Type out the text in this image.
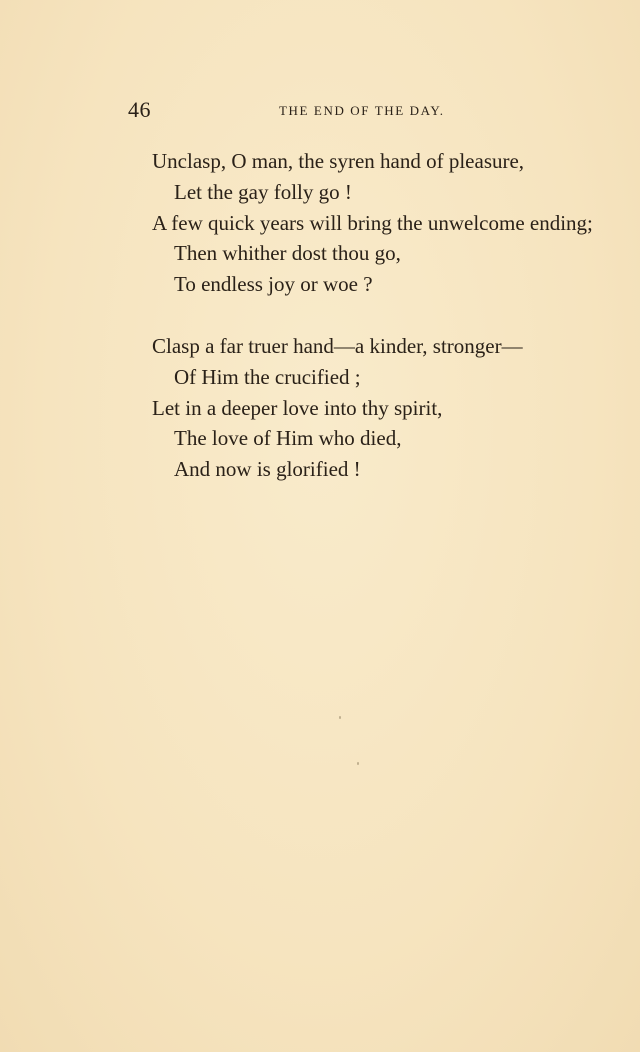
46	THE END OF THE DAY.
Unclasp, O man, the syren hand of pleasure,
Let the gay folly go !
A few quick years will bring the unwelcome ending;
Then whither dost thou go,
To endless joy or woe ?
Clasp a far truer hand—a kinder, stronger—
Of Him the crucified ;
Let in a deeper love into thy spirit,
The love of Him who died,
And now is glorified !
